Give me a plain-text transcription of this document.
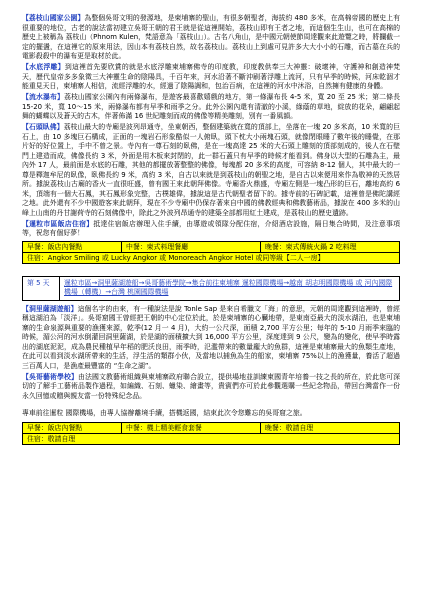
【荔枝山國家公園】為整個吳哥文明的發源地，是柬埔寨的聖山，有很多朝聖者，海拔約 480 多米，在高棉帝國的歷史上有很重要的地位，古老的說法當初建立吳哥王朝的君王就是從這裡開始，荔枝山即有王者之地，而這個生生山，也可在高棉的歷史上被稱為 荔枝山（Phnom Kulen，梵語意為「荔枝山」）。古名八角山，是中國元朝使節周達觀來此遊覽之時，將攔截一定的擺盪，在這裡它的原來用法，因山本有荔枝自然，故名荔枝山。荔枝山上到處可見許多大大小小的石雕，而古墓在兵的電影殺殺中的瀑布更是取材於此。

【水底浮雕】到這裡首先要欣賞的就是水底浮雕柬埔寨佛寺的印度教，印度教供奉三大神靈：破壞神，守護神和創造神梵天，歷代皇帝多多象徵三大神靈生命的陰陽具，千百年來，河水沿著不斷沖刷著浮雕上流河，只有早季的時候，河床乾涸才能重見天日，柬埔寨人相信，流經浮雕的水，經過了陰陽調和，包治百病，在這裡的河水中沐浴，自然擁有健康的身體。

【流水瀑布】荔枝山國家公園內有兩條瀑布，是遊客最喜歡嬉戲的地方，第一條瀑布長 4-5 米，寬 20 至 25 米；第二條長 15-20 米，寬 10～15 米，兩條瀑布都有早季和雨季之分。此外公園內還有清澈的小溪，綠蔭的草地，綻放的花朵，翩翩起舞的蝴蝶以及蒼天的古木，伴著佈滿 16 世紀雕刻而成的佛像等精美雕刻，別有一番風韻。

【石頭臥佛】荔枝山最大的寺廟是波列昂通寺，坐東朝西，整個建築就在寬的頂部上，坐落在一塊 20 多米高，10 米寬的巨石上，由 10 多塊巨石構成，正面的一塊岩石形象酷似一人俯臥，頭下枕大小兩塊石頭，就像閉眼睡了數年後的睡覺，在那片好的好位置上，手中不曾之景。寺內有一尊石刻的臥佛，是在一塊高達 25 米的大石頭上雕刻的頂部刻成的，後人在石壁門上建造而成，佛像長約 3 米，外面是用木板來封閉的，此一群石蓋只有早季的時候才能看到。佛身以大型的石雕為主，最內外 17 人，最前面是水底的石雕，其他的都擺放著整整的佛像，每塊都 20 多米的高度，可容納 8-12 個人，其中最大的一尊是釋迦牟尼的臥像，臥佛長約 9 米，高約 3 米，自古以來就是到荔枝山的朝聖之地，是自古以來便用來作為敬神的天然居所。據說荔枝山古廟的香火一直很旺盛，曾有國王來此朝拜佛像。寺廟香火鼎盛，寺廟左側是一塊凸形的巨石，離地高約 6 米，頂端有一個大石鳳，其石鳳形象完整，古樸雄偉，據說這是古代朝聖者留下的。據寺前的石碑記載，這裡曾是佛陀講經之地。此外還有不少中國遊客來此朝拜，現在不少寺廟中仍保存著來自中國的佛教經典和佛教藝術品，據說在 400 多米的山峰上山南的丹甘謝荷寺的石刻佛像中，除此之外波列昂通寺的建築全部都用紅土建成，是荔枝山的歷史遺跡。

【暹粒市區飯店住宿】抵達住宿飯店辦理入住手續，由導遊或領隊分配住宿，介紹酒店設施，隔日集合時間，及注意事項等，祝您有個好夢！

早餐：飯店內餐點	中餐：柬式料理餐廳	晚餐：柬式傳統火鍋 2 吃料理
住宿：Angkor Smiling 或 Lucky Angkor 或 Monoreach Angkor Hotel 或同等級【二人一房】
第 5 天	暹粒市區→洞里薩湖遊船→吳哥藝術學院→集合前往柬埔寨 暹粒國際機場→越南 胡志明國際機場 或 河內國際機場（轉機）→台灣 桃園國際機場

【洞里薩湖遊船】這個名字的由來，有一種說法是說 Tonle Sap 是來自希臘文「海」的意思，元朝的周達觀到這裡時，曾經稱這湖泊為「淡洋」。吳哥窟國王曾經把王朝的中心定位於此，於是柬埔寨的心臟地帶，是東南亞最大的淡水湖泊，也是柬埔寨的生命泉源與重要的漁獲來源，乾季(12 月一 4 月)，大約一公尺深，面積 2,700 平方公里；每年的 5-10 月雨季來臨的時候，湄公河的河水倒灌回洞里薩湖，於是湖的面積擴大到 16,000 平方公里，深度達到 9 公尺，變為的變化，使早季時露出的湖底泥泥，成為農民種植早年稻的肥沃良田，雨季時，氾濫帶來的數量龐大的魚群，這裡是柬埔寨最大的魚類生產地，在此可以看到淡水湖所帶來的生活，浮生活的類群小伙，及當地以捕魚為生的船家，柬埔寨 75%以上的漁獲量，養活了超過三百萬人口，是漁產最豐富的 “生命之湖”。

【吳哥藝術學校】由法國文教藝術組織與柬埔寨政府聯合設立，提供場地並訓練柬國青年培養一技之長的所在，於此您可深切的了解手工藝術品製作過程，如編織、石刻、蠟染、繪畫等，貴賓們亦可於此參觀選購一些紀念物品，帶回台灣當作一份永久回憶或贈與親友當一份特殊紀念品。

專車前往暹粒 國際機場，由專人協辦離境手續，搭機返國，結束此次令您難忘的吳哥窟之旅。

早餐：飯店內餐點	中餐：機上精美輕食套餐	晚餐：敬請自理
住宿：敬請自理
